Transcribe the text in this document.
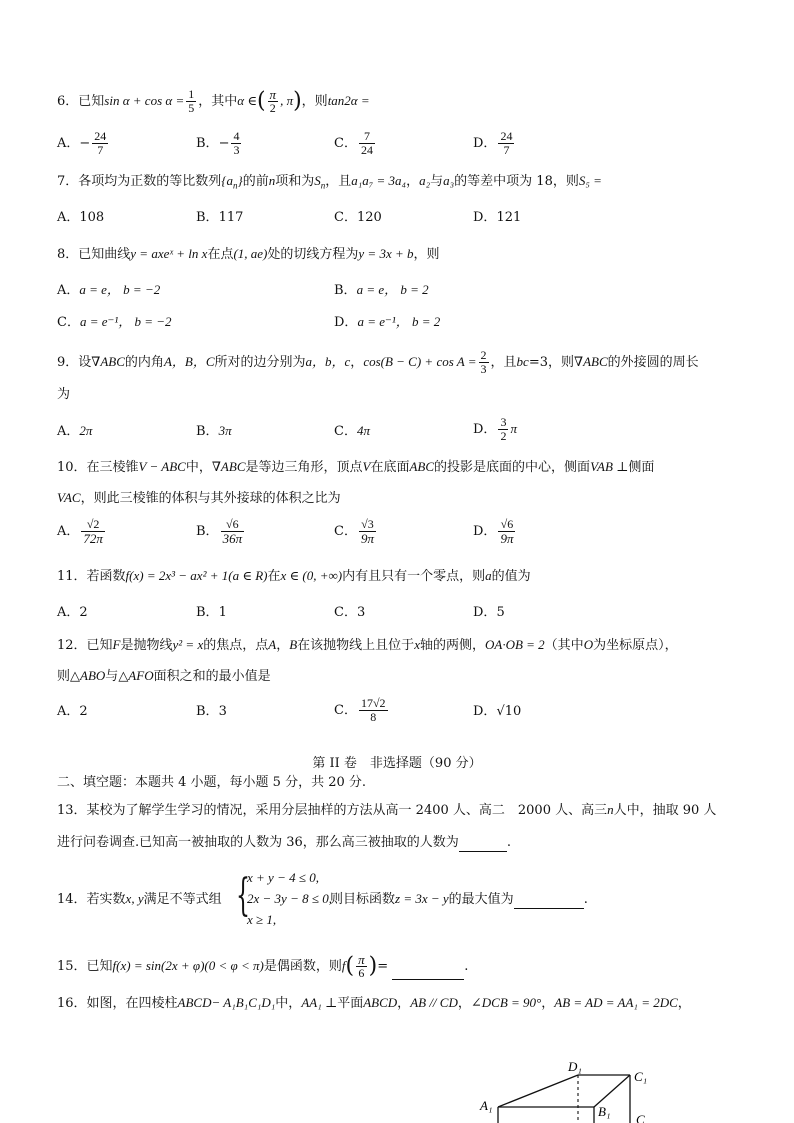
6．已知$\sin \alpha + \cos \alpha = \frac{1}{5}$ ，其中α ∈( $\frac{\pi}{2}$ , π)，则tan2α =
A．− $\frac{24}{7}$	B．− $\frac{4}{3}$	C． $\frac{7}{24}$	D． $\frac{24}{7}$
7．各项均为正数的等比数列$\{a_n\}$的前n项和为$S_n$，且a₁a₇ = 3a₄，a₂与a₃的等差中项为 18，则S₅ =
A．108	B．117	C．120	D．121
8．已知曲线y = axeˣ + ln x在点(1, ae)处的切线方程为y = 3x + b，则
A．a = e， b = −2	B．a = e， b = 2
C．a = e⁻¹， b = −2	D．a = e⁻¹， b = 2
9．设∇ABC的内角A，B，C所对的边分别为a，b，c，$\cos(B - C) + \cos A = \frac{2}{3}$ ，且bc=3，则∇ABC的外接圆的周长
为
A．2π	B．3π	C．4π	D． $\frac{3}{2}$ π
10．在三棱锥V − ABC中，∇ABC是等边三角形，顶点V在底面ABC的投影是底面的中心，侧面VAB ⊥侧面
VAC，则此三棱锥的体积与其外接球的体积之比为
A． $\frac{√2}{72\pi}$	B． $\frac{√6}{36\pi}$	C． $\frac{√3}{9\pi}$	D． $\frac{√6}{9\pi}$
11．若函数f(x) = 2x³ − ax² + 1(a ∈ R)在x ∈ (0, +∞)内有且只有一个零点，则a的值为
A．2	B．1	C．3	D．5
12．已知F是抛物线y² = x的焦点，点A，B在该抛物线上且位于x轴的两侧，OA·OB = 2（其中O为坐标原点），
则△ABO与△AFO面积之和的最小值是
A．2	B．3	C． $\frac{17√2}{8}$	D．√10
第 II 卷　非选择题（90 分）
二、填空题：本题共 4 小题，每小题 5 分，共 20 分.
13．某校为了解学生学习的情况，采用分层抽样的方法从高一 2400 人、高二　2000 人、高三n人中，抽取 90 人
进行问卷调查.已知高一被抽取的人数为 36，那么高三被抽取的人数为	.
14．若实数x, y满足不等式组 {
x + y − 4 ≤ 0,
2x − 3y − 8 ≤ 0,
x ≥ 1,
则目标函数z = 3x − y的最大值为	.
15．已知f(x) = sin(2x + φ)(0 < φ < π)是偶函数，则$f( \frac{\pi}{6}$ )=	.
16．如图，在四棱柱ABCD− A₁B₁C₁D₁中，AA₁ ⊥平面ABCD，AB // CD，∠DCB = 90°，AB = AD = AA₁ = 2DC，
D₁
C₁
A₁	B₁
C
